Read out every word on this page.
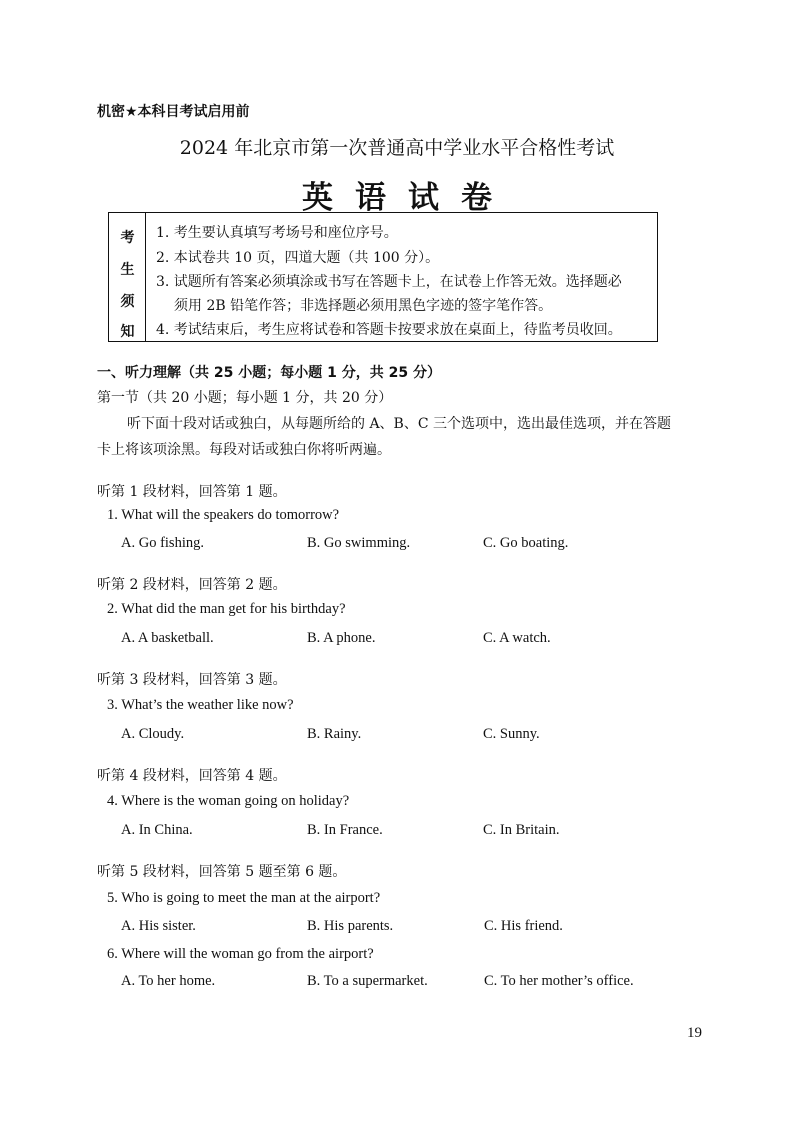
机密★本科目考试启用前
2024 年北京市第一次普通高中学业水平合格性考试
英语试卷
考
生
须
知
1. 考生要认真填写考场号和座位序号。
2. 本试卷共 10 页，四道大题（共 100 分）。
3. 试题所有答案必须填涂或书写在答题卡上，在试卷上作答无效。选择题必
须用 2B 铅笔作答；非选择题必须用黑色字迹的签字笔作答。
4. 考试结束后，考生应将试卷和答题卡按要求放在桌面上，待监考员收回。
一、听力理解（共 25 小题；每小题 1 分，共 25 分）
第一节（共 20 小题；每小题 1 分，共 20 分）
听下面十段对话或独白，从每题所给的 A、B、C 三个选项中，选出最佳选项，并在答题
卡上将该项涂黑。每段对话或独白你将听两遍。
听第 1 段材料，回答第 1 题。
1. What will the speakers do tomorrow?
A. Go fishing.	B. Go swimming.	C. Go boating.
听第 2 段材料，回答第 2 题。
2. What did the man get for his birthday?
A. A basketball.	B. A phone.	C. A watch.
听第 3 段材料，回答第 3 题。
3. What’s the weather like now?
A. Cloudy.	B. Rainy.	C. Sunny.
听第 4 段材料，回答第 4 题。
4. Where is the woman going on holiday?
A. In China.	B. In France.	C. In Britain.
听第 5 段材料，回答第 5 题至第 6 题。
5. Who is going to meet the man at the airport?
A. His sister.	B. His parents.	C. His friend.
6. Where will the woman go from the airport?
A. To her home.	B. To a supermarket.	C. To her mother’s office.
19
